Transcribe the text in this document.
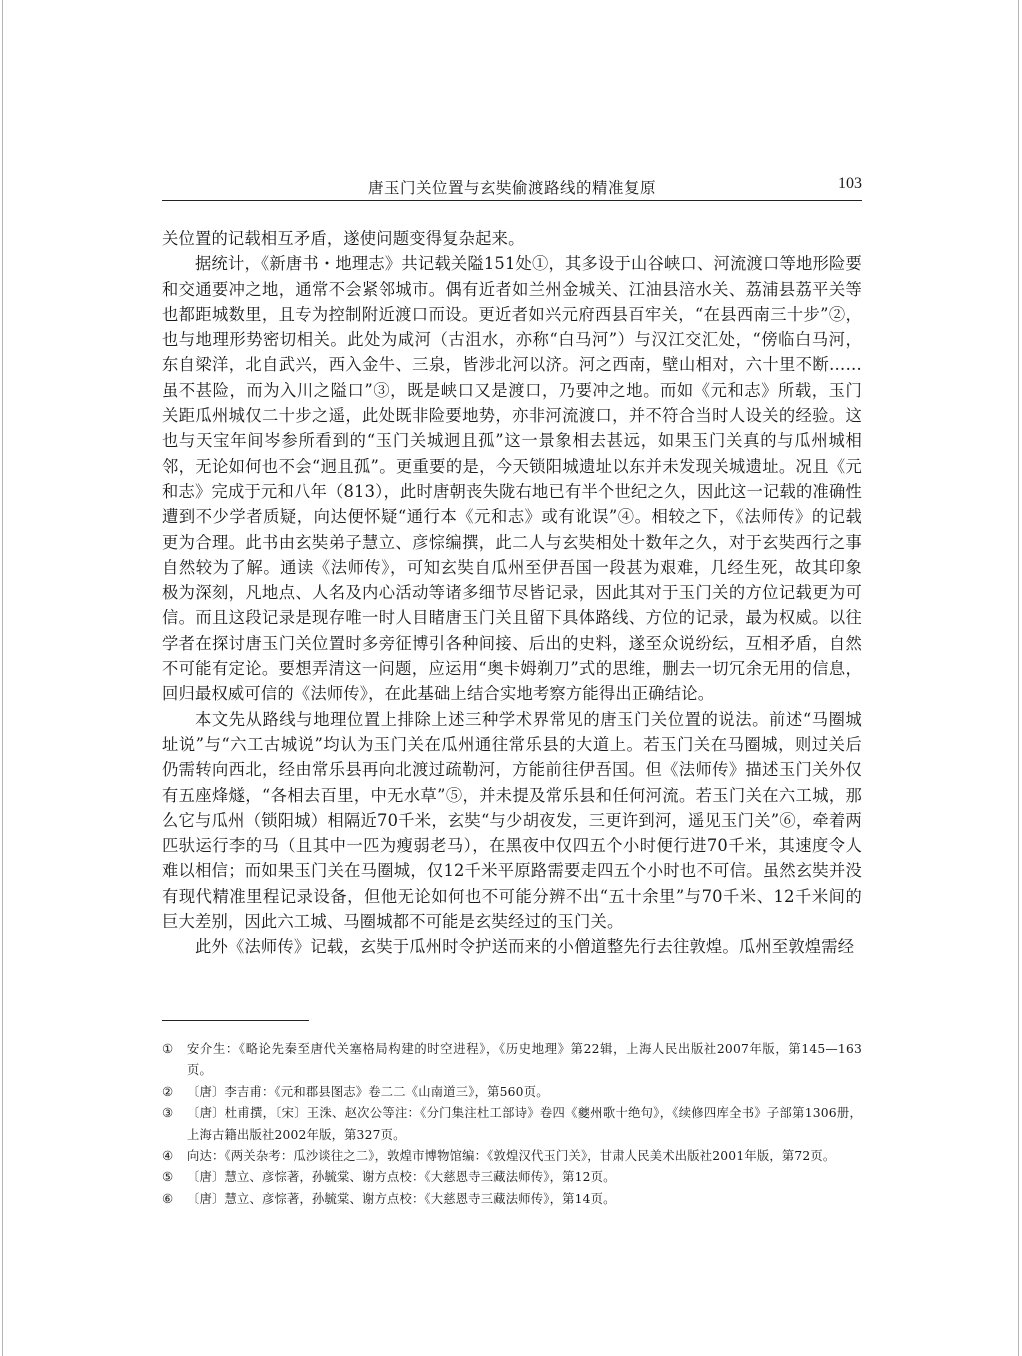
唐玉门关位置与玄奘偷渡路线的精准复原	103

关位置的记载相互矛盾，遂使问题变得复杂起来。

据统计，《新唐书・地理志》共记载关隘151处①，其多设于山谷峡口、河流渡口等地形险要和交通要冲之地，通常不会紧邻城市。偶有近者如兰州金城关、江油县涪水关、荔浦县荔平关等也都距城数里，且专为控制附近渡口而设。更近者如兴元府西县百牢关，“在县西南三十步”②，也与地理形势密切相关。此处为咸河（古沮水，亦称“白马河”）与汉江交汇处，“傍临白马河，东自梁洋，北自武兴，西入金牛、三泉，皆涉北河以济。河之西南，壁山相对，六十里不断……虽不甚险，而为入川之隘口”③，既是峡口又是渡口，乃要冲之地。而如《元和志》所载，玉门关距瓜州城仅二十步之遥，此处既非险要地势，亦非河流渡口，并不符合当时人设关的经验。这也与天宝年间岑参所看到的“玉门关城迥且孤”这一景象相去甚远，如果玉门关真的与瓜州城相邻，无论如何也不会“迥且孤”。更重要的是，今天锁阳城遗址以东并未发现关城遗址。况且《元和志》完成于元和八年（813），此时唐朝丧失陇右地已有半个世纪之久，因此这一记载的准确性遭到不少学者质疑，向达便怀疑“通行本《元和志》或有讹误”④。相较之下，《法师传》的记载更为合理。此书由玄奘弟子慧立、彦悰编撰，此二人与玄奘相处十数年之久，对于玄奘西行之事自然较为了解。通读《法师传》，可知玄奘自瓜州至伊吾国一段甚为艰难，几经生死，故其印象极为深刻，凡地点、人名及内心活动等诸多细节尽皆记录，因此其对于玉门关的方位记载更为可信。而且这段记录是现存唯一时人目睹唐玉门关且留下具体路线、方位的记录，最为权威。以往学者在探讨唐玉门关位置时多旁征博引各种间接、后出的史料，遂至众说纷纭，互相矛盾，自然不可能有定论。要想弄清这一问题，应运用“奥卡姆剃刀”式的思维，删去一切冗余无用的信息，回归最权威可信的《法师传》，在此基础上结合实地考察方能得出正确结论。

本文先从路线与地理位置上排除上述三种学术界常见的唐玉门关位置的说法。前述“马圈城址说”与“六工古城说”均认为玉门关在瓜州通往常乐县的大道上。若玉门关在马圈城，则过关后仍需转向西北，经由常乐县再向北渡过疏勒河，方能前往伊吾国。但《法师传》描述玉门关外仅有五座烽燧，“各相去百里，中无水草”⑤，并未提及常乐县和任何河流。若玉门关在六工城，那么它与瓜州（锁阳城）相隔近70千米，玄奘“与少胡夜发，三更许到河，遥见玉门关”⑥，牵着两匹驮运行李的马（且其中一匹为瘦弱老马），在黑夜中仅四五个小时便行进70千米，其速度令人难以相信；而如果玉门关在马圈城，仅12千米平原路需要走四五个小时也不可信。虽然玄奘并没有现代精准里程记录设备，但他无论如何也不可能分辨不出“五十余里”与70千米、12千米间的巨大差别，因此六工城、马圈城都不可能是玄奘经过的玉门关。

此外《法师传》记载，玄奘于瓜州时令护送而来的小僧道整先行去往敦煌。瓜州至敦煌需经

①	安介生：《略论先秦至唐代关塞格局构建的时空进程》，《历史地理》第22辑，上海人民出版社2007年版，第145—163页。
②	〔唐〕李吉甫：《元和郡县图志》卷二二《山南道三》，第560页。
③	〔唐〕杜甫撰，〔宋〕王洙、赵次公等注：《分门集注杜工部诗》卷四《夔州歌十绝句》，《续修四库全书》子部第1306册，上海古籍出版社2002年版，第327页。
④	向达：《两关杂考：瓜沙谈往之二》，敦煌市博物馆编：《敦煌汉代玉门关》，甘肃人民美术出版社2001年版，第72页。
⑤	〔唐〕慧立、彦悰著，孙毓棠、谢方点校：《大慈恩寺三藏法师传》，第12页。
⑥	〔唐〕慧立、彦悰著，孙毓棠、谢方点校：《大慈恩寺三藏法师传》，第14页。
